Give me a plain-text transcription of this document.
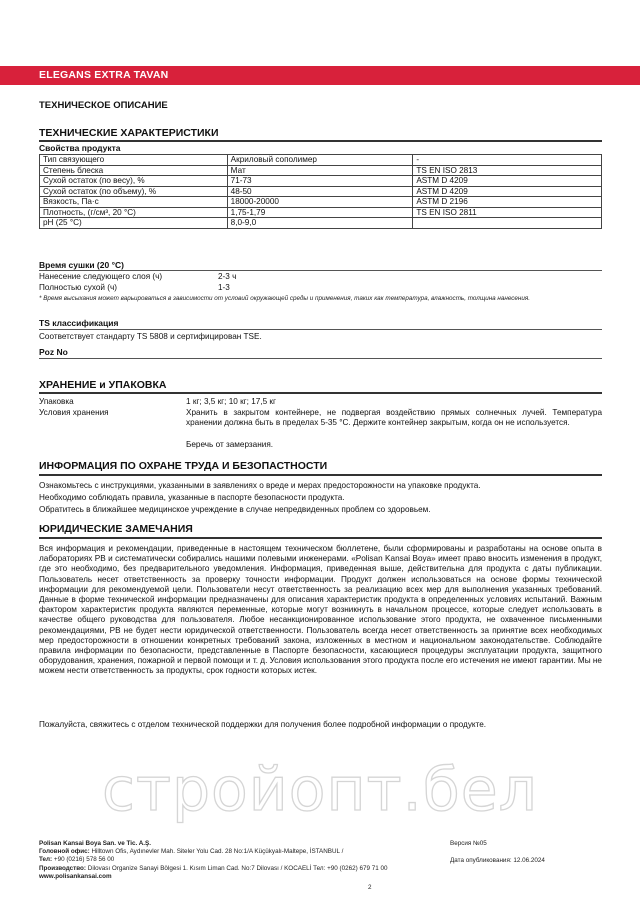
ELEGANS EXTRA TAVAN
ТЕХНИЧЕСКОЕ ОПИСАНИЕ
ТЕХНИЧЕСКИЕ ХАРАКТЕРИСТИКИ
Свойства продукта
Тип связующего	Акриловый сополимер	-
Степень блеска	Мат	TS EN ISO 2813
Сухой остаток (по весу), %	71-73	ASTM D 4209
Сухой остаток (по объему), %	48-50	ASTM D 4209
Вязкость, Па·с	18000-20000	ASTM D 2196
Плотность, (г/см³, 20 °C)	1,75-1,79	TS EN ISO 2811
pH (25 °C)	8,0-9,0	
Время сушки (20 °C)
Нанесение следующего слоя (ч)	2-3 ч
Полностью сухой (ч)	1-3
* Время высыхания может варьироваться в зависимости от условий окружающей среды и применения, таких как температура, влажность, толщина нанесения.
TS классификация
Соответствует стандарту TS 5808 и сертифицирован TSE.
Poz No
ХРАНЕНИЕ и УПАКОВКА
Упаковка	1 кг; 3,5 кг; 10 кг; 17,5 кг
Условия хранения	Хранить в закрытом контейнере, не подвергая воздействию прямых солнечных лучей. Температура хранении должна быть в пределах 5-35 °C. Держите контейнер закрытым, когда он не используется.
Беречь от замерзания.
ИНФОРМАЦИЯ ПО ОХРАНЕ ТРУДА И БЕЗОПАСТНОСТИ
Ознакомьтесь с инструкциями, указанными в заявлениях о вреде и мерах предосторожности на упаковке продукта.
Необходимо соблюдать правила, указанные в паспорте безопасности продукта.
Обратитесь в ближайшее медицинское учреждение в случае непредвиденных проблем со здоровьем.
ЮРИДИЧЕСКИЕ ЗАМЕЧАНИЯ
Вся информация и рекомендации, приведенные в настоящем техническом бюллетене, были сформированы и разработаны на основе опыта в лабораториях PB и систематически собирались нашими полевыми инженерами. «Polisan Kansai Boya» имеет право вносить изменения в продукт, где это необходимо, без предварительного уведомления. Информация, приведенная выше, действительна для продукта с даты публикации. Пользователь несет ответственность за проверку точности информации. Продукт должен использоваться на основе формы технической информации для рекомендуемой цели. Пользователи несут ответственность за реализацию всех мер для выполнения указанных требований. Данные в форме технической информации предназначены для описания характеристик продукта в определенных условиях испытаний. Важным фактором характеристик продукта являются переменные, которые могут возникнуть в начальном процессе, которые следует использовать в качестве общего руководства для пользователя. Любое несанкционированное использование этого продукта, не охваченное письменными рекомендациями, PB не будет нести юридической ответственности. Пользователь всегда несет ответственность за принятие всех необходимых мер предосторожности в отношении конкретных требований закона, изложенных в местном и национальном законодательстве. Соблюдайте правила информации по безопасности, представленные в Паспорте безопасности, касающиеся процедуры эксплуатации продукта, защитного оборудования, хранения, пожарной и первой помощи и т. д. Условия использования этого продукта после его истечения не имеют гарантии. Мы не можем нести ответственность за продукты, срок годности которых истек.
Пожалуйста, свяжитесь с отделом технической поддержки для получения более подробной информации о продукте.
стройопт.бел
Polisan Kansai Boya San. ve Tic. A.Ş.
Головной офис: Hilltown Ofis, Aydınevler Mah. Siteler Yolu Cad. 28 No:1/A Küçükyalı-Maltepe, İSTANBUL /
Тел: +90 (0216) 578 56 00
Производство: Dilovası Organize Sanayi Bölgesi 1. Kısım Liman Cad. No:7 Dilovası / KOCAELİ Тел: +90 (0262) 679 71 00
www.polisankansai.com
Версия №05
Дата опубликования: 12.06.2024
2
